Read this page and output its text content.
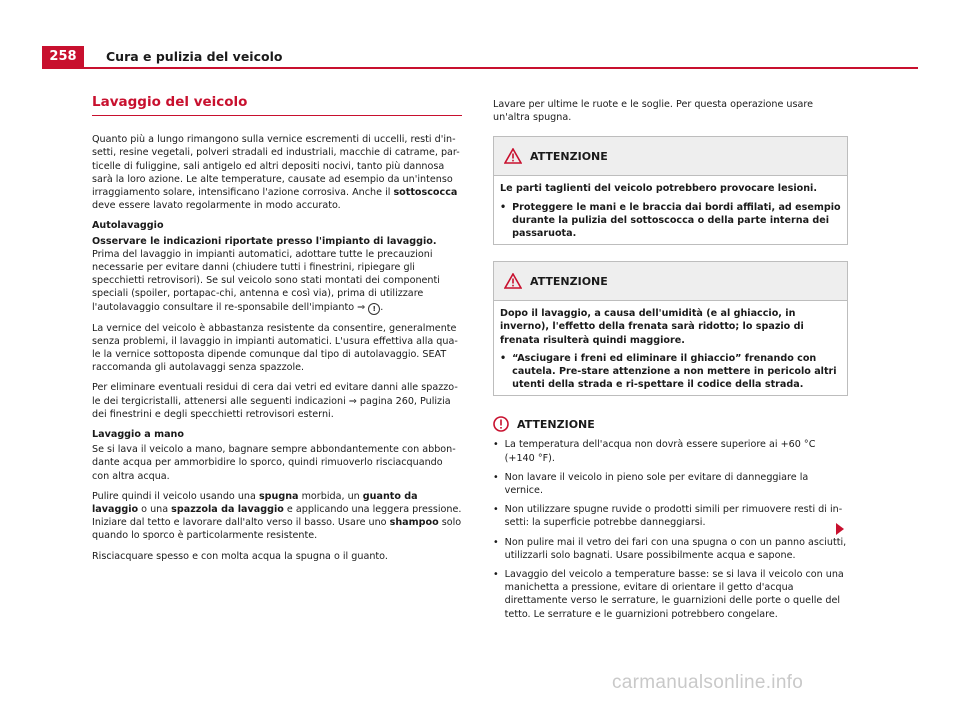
258	Cura e pulizia del veicolo
Lavaggio del veicolo

Quanto più a lungo rimangono sulla vernice escrementi di uccelli, resti d'in-setti, resine vegetali, polveri stradali ed industriali, macchie di catrame, par-ticelle di fuliggine, sali antigelo ed altri depositi nocivi, tanto più dannosa sarà la loro azione. Le alte temperature, causate ad esempio da un'intenso irraggiamento solare, intensificano l'azione corrosiva. Anche il sottoscocca deve essere lavato regolarmente in modo accurato.

Autolavaggio

Osservare le indicazioni riportate presso l'impianto di lavaggio. Prima del lavaggio in impianti automatici, adottare tutte le precauzioni necessarie per evitare danni (chiudere tutti i finestrini, ripiegare gli specchietti retrovisori). Se sul veicolo sono stati montati dei componenti speciali (spoiler, portapac-chi, antenna e così via), prima di utilizzare l'autolavaggio consultare il re-sponsabile dell'impianto ⇒ ! .

La vernice del veicolo è abbastanza resistente da consentire, generalmente senza problemi, il lavaggio in impianti automatici. L'usura effettiva alla qua-le la vernice sottoposta dipende comunque dal tipo di autolavaggio. SEAT raccomanda gli autolavaggi senza spazzole.

Per eliminare eventuali residui di cera dai vetri ed evitare danni alle spazzo-le dei tergicristalli, attenersi alle seguenti indicazioni ⇒ pagina 260, Pulizia dei finestrini e degli specchietti retrovisori esterni.

Lavaggio a mano

Se si lava il veicolo a mano, bagnare sempre abbondantemente con abbon-dante acqua per ammorbidire lo sporco, quindi rimuoverlo risciacquando con altra acqua.

Pulire quindi il veicolo usando una spugna morbida, un guanto da lavaggio o una spazzola da lavaggio e applicando una leggera pressione. Iniziare dal tetto e lavorare dall'alto verso il basso. Usare uno shampoo solo quando lo sporco è particolarmente resistente.

Risciacquare spesso e con molta acqua la spugna o il guanto.

Lavare per ultime le ruote e le soglie. Per questa operazione usare un'altra spugna.

ATTENZIONE

Le parti taglienti del veicolo potrebbero provocare lesioni.

• Proteggere le mani e le braccia dai bordi affilati, ad esempio durante la pulizia del sottoscocca o della parte interna dei passaruota.
ATTENZIONE

Dopo il lavaggio, a causa dell'umidità (e al ghiaccio, in inverno), l'effetto della frenata sarà ridotto; lo spazio di frenata risulterà quindi maggiore.

• “Asciugare i freni ed eliminare il ghiaccio” frenando con cautela. Pre-stare attenzione a non mettere in pericolo altri utenti della strada e ri-spettare il codice della strada.
ATTENZIONE
• La temperatura dell'acqua non dovrà essere superiore ai +60 °C (+140 °F).
• Non lavare il veicolo in pieno sole per evitare di danneggiare la vernice.
• Non utilizzare spugne ruvide o prodotti simili per rimuovere resti di in-setti: la superficie potrebbe danneggiarsi.
• Non pulire mai il vetro dei fari con una spugna o con un panno asciutti, utilizzarli solo bagnati. Usare possibilmente acqua e sapone.
• Lavaggio del veicolo a temperature basse: se si lava il veicolo con una manichetta a pressione, evitare di orientare il getto d'acqua direttamente verso le serrature, le guarnizioni delle porte o quelle del tetto. Le serrature e le guarnizioni potrebbero congelare.
carmanualsonline.info
